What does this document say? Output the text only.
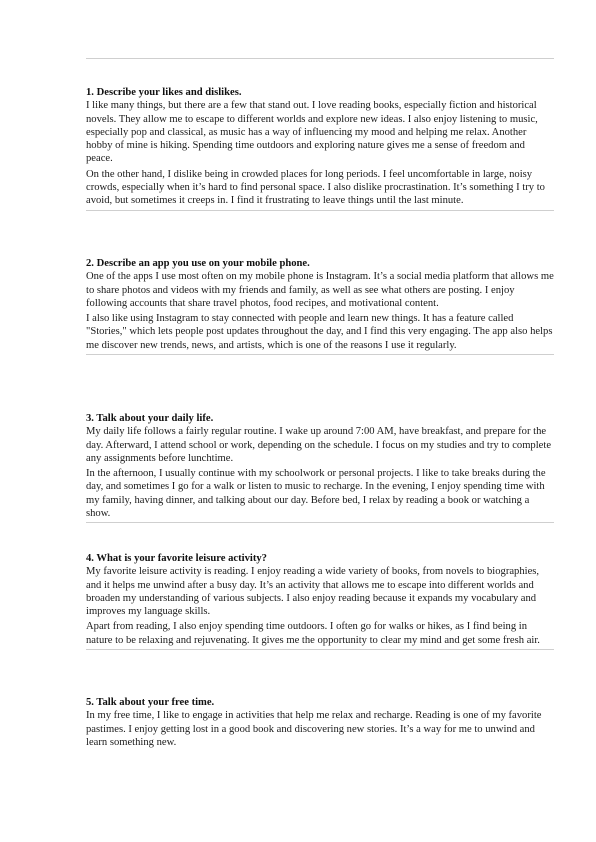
1. Describe your likes and dislikes.

I like many things, but there are a few that stand out. I love reading books, especially fiction and historical novels. They allow me to escape to different worlds and explore new ideas. I also enjoy listening to music, especially pop and classical, as music has a way of influencing my mood and helping me relax. Another hobby of mine is hiking. Spending time outdoors and exploring nature gives me a sense of freedom and peace.

On the other hand, I dislike being in crowded places for long periods. I feel uncomfortable in large, noisy crowds, especially when it’s hard to find personal space. I also dislike procrastination. It’s something I try to avoid, but sometimes it creeps in. I find it frustrating to leave things until the last minute.

2. Describe an app you use on your mobile phone.

One of the apps I use most often on my mobile phone is Instagram. It’s a social media platform that allows me to share photos and videos with my friends and family, as well as see what others are posting. I enjoy following accounts that share travel photos, food recipes, and motivational content.

I also like using Instagram to stay connected with people and learn new things. It has a feature called "Stories," which lets people post updates throughout the day, and I find this very engaging. The app also helps me discover new trends, news, and artists, which is one of the reasons I use it regularly.

3. Talk about your daily life.

My daily life follows a fairly regular routine. I wake up around 7:00 AM, have breakfast, and prepare for the day. Afterward, I attend school or work, depending on the schedule. I focus on my studies and try to complete any assignments before lunchtime.

In the afternoon, I usually continue with my schoolwork or personal projects. I like to take breaks during the day, and sometimes I go for a walk or listen to music to recharge. In the evening, I enjoy spending time with my family, having dinner, and talking about our day. Before bed, I relax by reading a book or watching a show.

4. What is your favorite leisure activity?

My favorite leisure activity is reading. I enjoy reading a wide variety of books, from novels to biographies, and it helps me unwind after a busy day. It’s an activity that allows me to escape into different worlds and broaden my understanding of various subjects. I also enjoy reading because it expands my vocabulary and improves my language skills.

Apart from reading, I also enjoy spending time outdoors. I often go for walks or hikes, as I find being in nature to be relaxing and rejuvenating. It gives me the opportunity to clear my mind and get some fresh air.

5. Talk about your free time.

In my free time, I like to engage in activities that help me relax and recharge. Reading is one of my favorite pastimes. I enjoy getting lost in a good book and discovering new stories. It’s a way for me to unwind and learn something new.
